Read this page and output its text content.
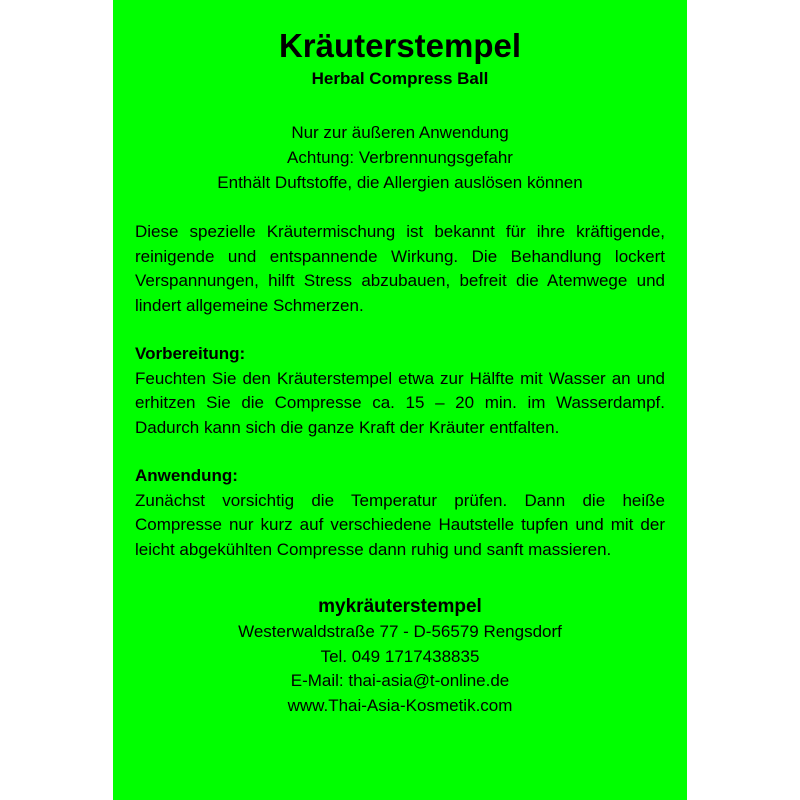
Kräuterstempel
Herbal Compress Ball
Nur zur äußeren Anwendung
Achtung: Verbrennungsgefahr
Enthält Duftstoffe, die Allergien auslösen können

Diese spezielle Kräutermischung ist bekannt für ihre kräftigende, reinigende und entspannende Wirkung. Die Behandlung lockert Verspannungen, hilft Stress abzubauen, befreit die Atemwege und lindert allgemeine Schmerzen.

Vorbereitung:

Feuchten Sie den Kräuterstempel etwa zur Hälfte mit Wasser an und erhitzen Sie die Compresse ca. 15 – 20 min. im Wasserdampf. Dadurch kann sich die ganze Kraft der Kräuter entfalten.

Anwendung:

Zunächst vorsichtig die Temperatur prüfen. Dann die heiße Compresse nur kurz auf verschiedene Hautstelle tupfen und mit der leicht abgekühlten Compresse dann ruhig und sanft massieren.

mykräuterstempel
Westerwaldstraße 77 - D-56579 Rengsdorf
Tel. 049 1717438835
E-Mail: thai-asia@t-online.de
www.Thai-Asia-Kosmetik.com
